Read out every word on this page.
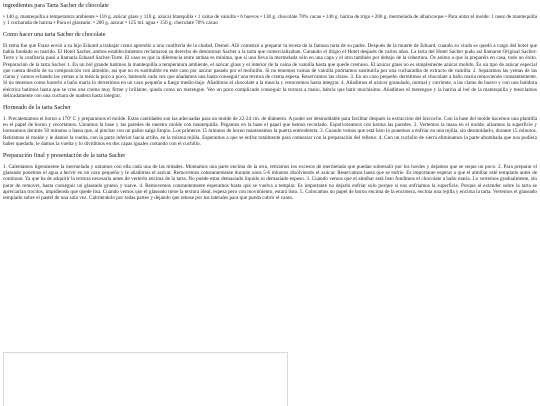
ingredientes para Tarta Sacher de chocolate
• 140 g. mantequilla a temperatura ambiente • 110 g. azúcar glass y 110 g. azúcar blanquilla • 1 vaina de vainilla • 6 huevos • 130 g. chocolate 70% cacao • 140 g. harina de trigo • 200 g. mermelada de albaricoque • Para untar el molde: 1 nuez de mantequilla y 1 cucharada de harina • Para el glaseado: • 200 g. azúcar • 125 ml. agua • 150 g. chocolate 70% cacao
Como hacer una tarta Sacher de chocolate
El tema fue que Franz envió a su hijo Eduard a trabajar como aprendiz a una confitería de la ciudad, Demel. Allí comenzó a preparar la receta de la famosa tarta de su padre. Después de la muerte de Eduard, cuando su viuda se quedó a cargo del hotel que había fundado su marido. El Hotel Sacher, ambos establecimientos reclamaron su derecho de denominar Sacher a la tarta que comercializaban. Ganando el litigio el Hotel después de varios años. La tarta del Hotel Sacher pudo así llamarse Original Sacher-Torte y la confitería pasó a llamarla Eduard Sacher-Torte. El caso es que la diferencia entre ambas es mínima, que si uno lleva la mermelada sólo en una capa y el otro también por debajo de la cobertura. Os animo a que la preparéis en casa, todo un éxito. Preparación de la tarta Sacher 1. En un bol grande batimos la mantequilla a temperatura ambiente, el azúcar glass y el interior de la vaina de vainilla hasta que quede cremoso. El azúcar glass no es simplemente azúcar molido. Es un tipo de azúcar especial que cuesta destilo de su composición con almidón, así que no es sustituible en este caso por azúcar pasado por el molinillo. Si no tenemos vainas de vainilla podríamos sustituirla por una cucharadita de extracto de vainilla. 2. Separamos las yemas de las claras y vamos echando las yemas a la mezcla poco a poco, batiendo cada vez que añadamos una hasta conseguir una textura de crema espesa. Reservamos las claras. 3. En un cazo pequeño derretimos el chocolate a baño maría removiendo constantemente. Si no tenemos como hacerlo a baño maría lo derretimos en un cazo pequeño a fuego medio-bajo. Añadimos el chocolate a la mezcla y removemos hasta integrar. 4. Añadimos el azúcar granulado, normal y corriente, a las claras de huevo y con una batidora eléctrica batimos hasta que se cree una crema muy firme y brillante, queda como un merengue. Veo un poco complicado conseguir la textura a mano, habría que batir muchísimo. Añadimos el merengue y la harina al bol de la mantequilla y mezclamos delicadamente con una cuchara de madera hasta integrar.
Horneado de la tarta Sacher
1. Precalentamos el horno a 170º C y preparamos el molde. Estas cantidades son las adecuadas para un molde de 22-24 cm. de diámetro. A poder ser desmoldable para facilitar después la extracción del bizcocho. Con la base del molde hacemos una plantilla en el papel de horno y recortamos. Untamos la base y las paredes de nuestro molde con mantequilla. Pegamos en la base el papel que hemos recortado. Espolvoreamos con harina las paredes. 2. Vertemos la masa en el molde, alisamos la superficie y horneamos durante 50 minutos o hasta que, al pinchar con un palito salga limpio. Los primeros 15 minutos de horno mantenemos la puerta entreabierta. 3. Cuando vemos que está listo lo ponemos a enfriar en una rejilla, sin desmoldarlo, durante 15 minutos. Retiramos el molde y le damos la vuelta, con la parte inferior hacia arriba, en la misma rejilla. Esperamos a que se enfríe totalmente para comenzar con la preparación del relleno. 4. Con un cuchillo de sierra eliminamos la parte abombada que nos pudiera haber quedado, le damos la vuelta y lo dividimos en dos capas iguales cortando con el cuchillo.
Preparación final y presentación de la tarta Sacher
1. Calentamos ligeramente la mermelada y untamos con ella cada una de las mitades. Montamos una parte encima de la otra, retiramos los excesos de mermelada que puedan sobresalir por los bordes y dejamos que se seque un poco. 2. Para preparar el glaseado ponemos el agua a hervir en un cazo pequeño y le añadimos el azúcar. Removemos constantemente durante unos 5-6 minutos disolviendo el azúcar. Reservamos hasta que se enfríe. Es importante esperar a que el almíbar esté templado antes de continuar. Ya que ha de adquirir la textura necesaria antes de verterlo encima de la tarta. No puede estar demasiado líquido ni demasiado espeso. 3. Cuando vemos que el almíbar está listo fundimos el chocolate a baño maría. Lo vertemos gradualmente, sin parar de remover, hasta conseguir un glaseado grueso y suave. 4. Removemos constantemente esperamos hasta que se vuelva a templar. Es importante no dejarlo enfriar solo porque si nos enfriamos la superficie. Porque al extender sobre la tarta se apreciarían trocitos, impidiendo que quede lisa. Cuando vemos que el glaseado tiene la textura ideal, espesa pero con movimiento, estará listo. 5. Colocamos un papel de horno encima de la encimera, encima una rejilla y encima la tarta. Vertemos el glaseado templado sobre el pastel de una sola vez. Cubriéndolo por todas partes y dejando que rebase por los laterales para que pueda cubrir el canto.
